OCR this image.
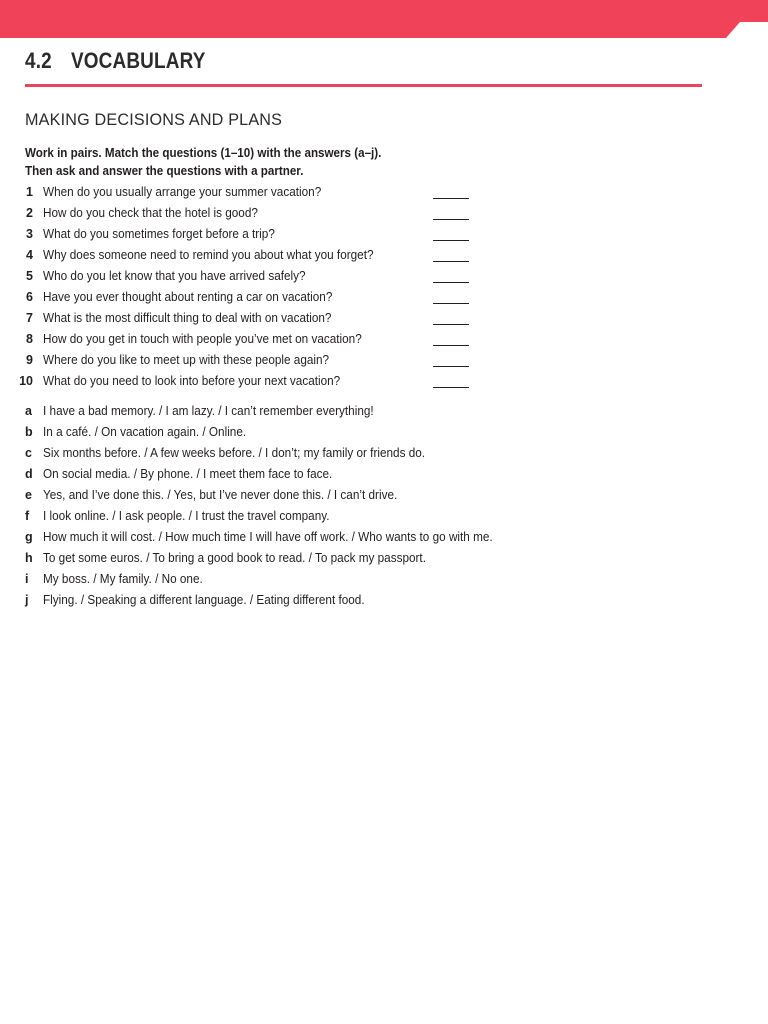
4.2 VOCABULARY
MAKING DECISIONS AND PLANS
Work in pairs. Match the questions (1–10) with the answers (a–j).
Then ask and answer the questions with a partner.
1 When do you usually arrange your summer vacation?
2 How do you check that the hotel is good?
3 What do you sometimes forget before a trip?
4 Why does someone need to remind you about what you forget?
5 Who do you let know that you have arrived safely?
6 Have you ever thought about renting a car on vacation?
7 What is the most difficult thing to deal with on vacation?
8 How do you get in touch with people you’ve met on vacation?
9 Where do you like to meet up with these people again?
10 What do you need to look into before your next vacation?
a I have a bad memory. / I am lazy. / I can’t remember everything!
b In a café. / On vacation again. / Online.
c Six months before. / A few weeks before. / I don’t; my family or friends do.
d On social media. / By phone. / I meet them face to face.
e Yes, and I’ve done this. / Yes, but I’ve never done this. / I can’t drive.
f I look online. / I ask people. / I trust the travel company.
g How much it will cost. / How much time I will have off work. / Who wants to go with me.
h To get some euros. / To bring a good book to read. / To pack my passport.
i My boss. / My family. / No one.
j Flying. / Speaking a different language. / Eating different food.
